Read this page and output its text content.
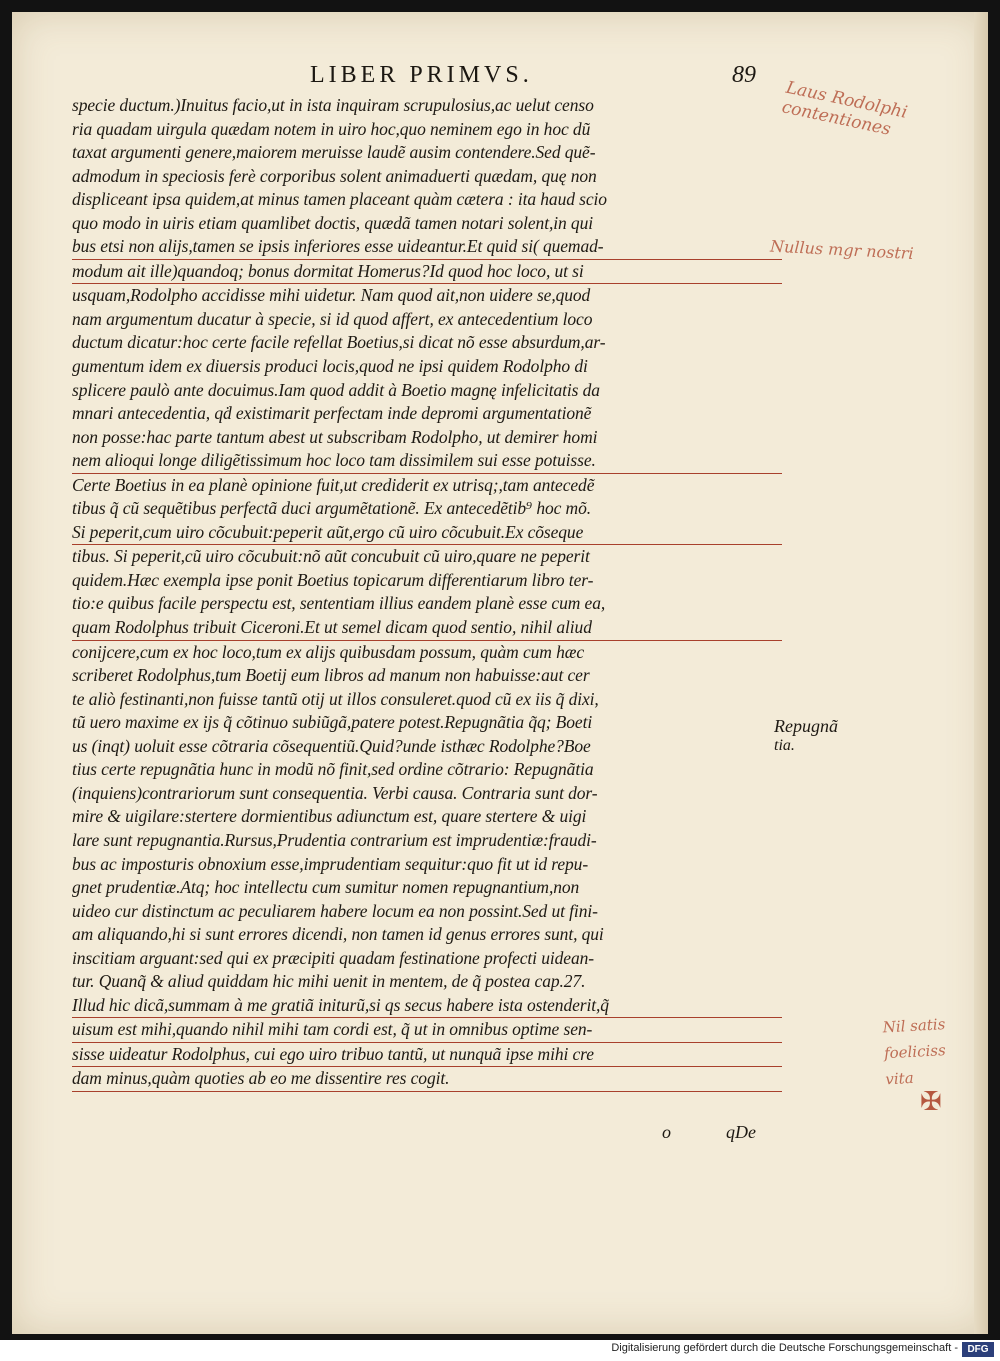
LIBER PRIMVS.	89
specie ductum.)Inuitus facio,ut in ista inquiram scrupulosius,ac uelut censo
ria quadam uirgula quædam notem in uiro hoc,quo neminem ego in hoc dũ
taxat argumenti genere,maiorem meruisse laudẽ ausim contendere.Sed quẽ-
admodum in speciosis ferè corporibus solent animaduerti quædam, quę non
displiceant ipsa quidem,at minus tamen placeant quàm cætera : ita haud scio
quo modo in uiris etiam quamlibet doctis, quædã tamen notari solent,in qui
bus etsi non alijs,tamen se ipsis inferiores esse uideantur.Et quid si( quemad-
modum ait ille)quandoq; bonus dormitat Homerus?Id quod hoc loco, ut si
usquam,Rodolpho accidisse mihi uidetur. Nam quod ait,non uidere se,quod
nam argumentum ducatur à specie, si id quod affert, ex antecedentium loco
ductum dicatur:hoc certe facile refellat Boetius,si dicat nõ esse absurdum,ar-
gumentum idem ex diuersis produci locis,quod ne ipsi quidem Rodolpho di
splicere paulò ante docuimus.Iam quod addit à Boetio magnę infelicitatis da
mnari antecedentia, qḋ existimarit perfectam inde depromi argumentationẽ
non posse:hac parte tantum abest ut subscribam Rodolpho, ut demirer homi
nem alioqui longe diligẽtissimum hoc loco tam dissimilem sui esse potuisse.
Certe Boetius in ea planè opinione fuit,ut crediderit ex utrisq;,tam antecedẽ
tibus q̃ cũ sequẽtibus perfectã duci argumẽtationẽ. Ex antecedẽtib⁹ hoc mõ.
Si peperit,cum uiro cõcubuit:peperit aũt,ergo cũ uiro cõcubuit.Ex cõseque
tibus. Si peperit,cũ uiro cõcubuit:nõ aũt concubuit cũ uiro,quare ne peperit
quidem.Hæc exempla ipse ponit Boetius topicarum differentiarum libro ter-
tio:e quibus facile perspectu est, sententiam illius eandem planè esse cum ea,
quam Rodolphus tribuit Ciceroni.Et ut semel dicam quod sentio, nihil aliud
conijcere,cum ex hoc loco,tum ex alijs quibusdam possum, quàm cum hæc
scriberet Rodolphus,tum Boetij eum libros ad manum non habuisse:aut cer
te aliò festinanti,non fuisse tantũ otij ut illos consuleret.quod cũ ex iis q̃ dixi,
tũ uero maxime ex ijs q̃ cõtinuo subiũgã,patere potest.Repugnãtia q̃q; Boeti
us (inqt) uoluit esse cõtraria cõsequentiũ.Quid?unde isthæc Rodolphe?Boe
tius certe repugnãtia hunc in modũ nõ finit,sed ordine cõtrario: Repugnãtia
(inquiens)contrariorum sunt consequentia. Verbi causa. Contraria sunt dor-
mire & uigilare:stertere dormientibus adiunctum est, quare stertere & uigi
lare sunt repugnantia.Rursus,Prudentia contrarium est imprudentiæ:fraudi-
bus ac imposturis obnoxium esse,imprudentiam sequitur:quo fit ut id repu-
gnet prudentiæ.Atq; hoc intellectu cum sumitur nomen repugnantium,non
uideo cur distinctum ac peculiarem habere locum ea non possint.Sed ut fini-
am aliquando,hi si sunt errores dicendi, non tamen id genus errores sunt, qui
inscitiam arguant:sed qui ex præcipiti quadam festinatione profecti uidean-
tur. Quanq̃ & aliud quiddam hic mihi uenit in mentem, de q̃ postea cap.27.
Illud hic dicã,summam à me gratiã initurũ,si qs secus habere ista ostenderit,q̃
uisum est mihi,quando nihil mihi tam cordi est, q̃ ut in omnibus optime sen-
sisse uideatur Rodolphus, cui ego uiro tribuo tantũ, ut nunquã ipse mihi cre
dam minus,quàm quoties ab eo me dissentire res cogit.
Repugnã
tia.
Laus Rodolphi contentiones
Nullus mgr nostri
Nil satis foeliciss vita
✠
o	qDe
Digitalisierung gefördert durch die Deutsche Forschungsgemeinschaft - DFG
